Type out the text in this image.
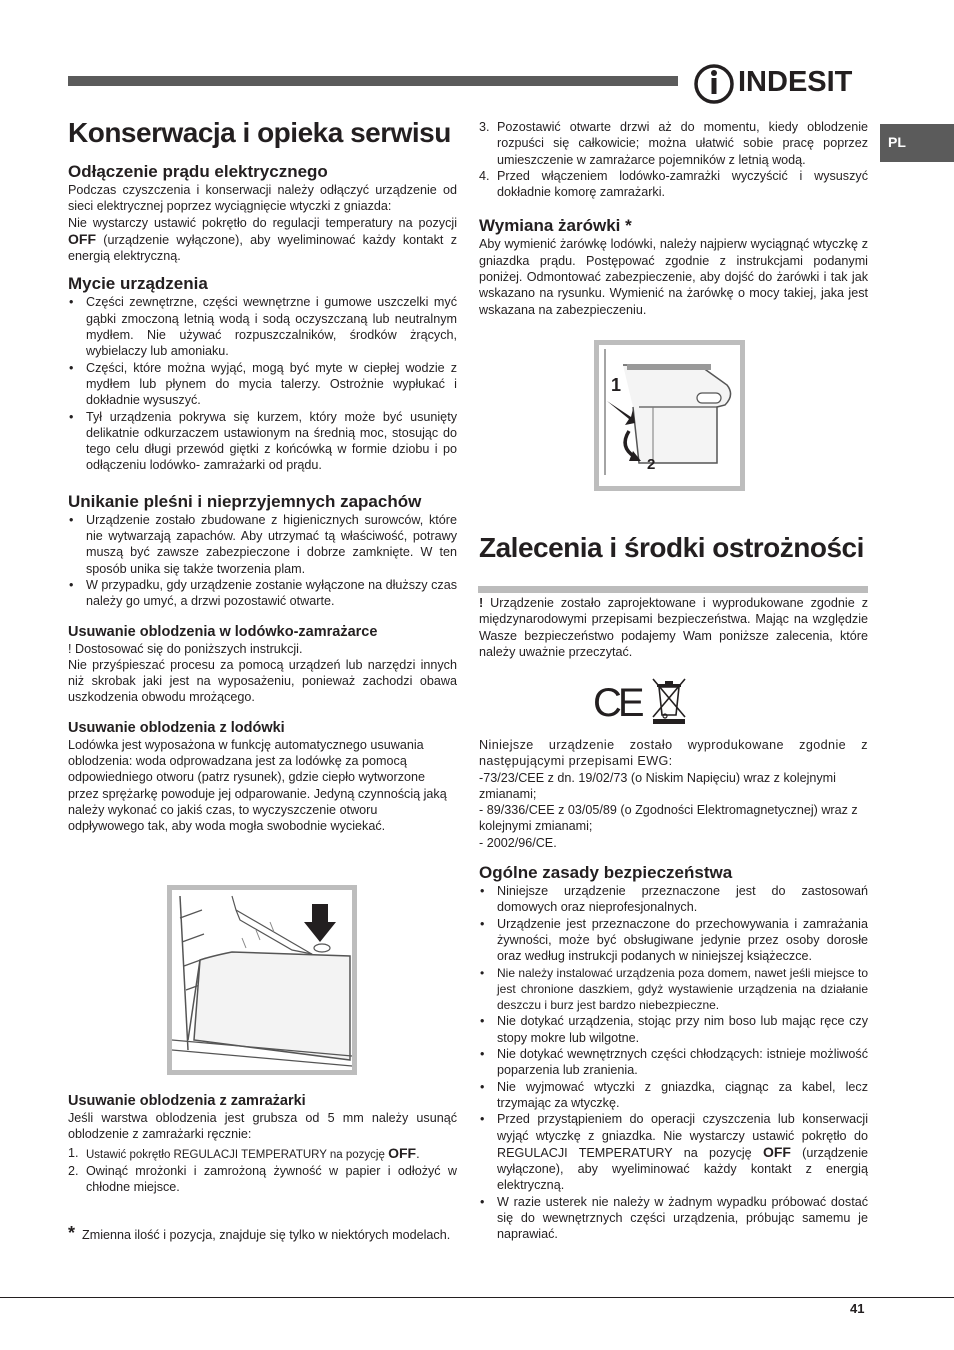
INDESIT
PL
Konserwacja i opieka serwisu
Odłączenie prądu elektrycznego

Podczas czyszczenia i konserwacji należy odłączyć urządzenie od sieci elektrycznej poprzez wyciągnięcie wtyczki z gniazda:

Nie wystarczy ustawić pokrętło do regulacji temperatury na pozycji OFF (urządzenie wyłączone), aby wyeliminować każdy kontakt z energią elektryczną.

Mycie urządzenia
• Części zewnętrzne, części wewnętrzne i gumowe uszczelki myć gąbki zmoczoną letnią wodą i sodą oczyszczaną lub neutralnym mydłem. Nie używać rozpuszczalników, środków żrących, wybielaczy lub amoniaku.
• Części, które można wyjąć, mogą być myte w ciepłej wodzie z mydłem lub płynem do mycia talerzy. Ostrożnie wypłukać i dokładnie wysuszyć.
• Tył urządzenia pokrywa się kurzem, który może być usunięty delikatnie odkurzaczem ustawionym na średnią moc, stosując do tego celu długi przewód giętki z końcówką w formie dziobu i po odłączeniu lodówko- zamrażarki od prądu.
Unikanie pleśni i nieprzyjemnych zapachów
• Urządzenie zostało zbudowane z higienicznych surowców, które nie wytwarzają zapachów. Aby utrzymać tą właściwość, potrawy muszą być zawsze zabezpieczone i dobrze zamknięte. W ten sposób unika się także tworzenia plam.
• W przypadku, gdy urządzenie zostanie wyłączone na dłuższy czas należy go umyć, a drzwi pozostawić otwarte.
Usuwanie oblodzenia w lodówko-zamrażarce

! Dostosować się do poniższych instrukcji.

Nie przyśpieszać procesu za pomocą urządzeń lub narzędzi innych niż skrobak jaki jest na wyposażeniu, ponieważ zachodzi obawa uszkodzenia obwodu mrożącego.

Usuwanie oblodzenia z lodówki

Lodówka jest wyposażona w funkcję automatycznego usuwania oblodzenia: woda odprowadzana jest za lodówkę za pomocą odpowiedniego otworu (patrz rysunek), gdzie ciepło wytworzone przez sprężarkę powoduje jej odparowanie. Jedyną czynnością jaką należy wykonać co jakiś czas, to wyczyszczenie otworu odpływowego tak, aby woda mogła swobodnie wyciekać.

Usuwanie oblodzenia z zamrażarki
Jeśli warstwa oblodzenia jest grubsza od 5 mm należy usunąć oblodzenie z zamrażarki ręcznie:
1. Ustawić pokrętło REGULACJI TEMPERATURY na pozycję OFF.
2. Owinąć mrożonki i zamrożoną żywność w papier i odłożyć w chłodne miejsce.

* Zmienna ilość i pozycja, znajduje się tylko w niektórych modelach.

3. Pozostawić otwarte drzwi aż do momentu, kiedy oblodzenie rozpuści się całkowicie; można ułatwić sobie pracę poprzez umieszczenie w zamrażarce pojemników z letnią wodą.
4. Przed włączeniem lodówko-zamrażki wyczyścić i wysuszyć dokładnie komorę zamrażarki.
Wymiana żarówki *

Aby wymienić żarówkę lodówki, należy najpierw wyciągnąć wtyczkę z gniazdka prądu. Postępować zgodnie z instrukcjami podanymi poniżej. Odmontować zabezpieczenie, aby dojść do żarówki i tak jak wskazano na rysunku. Wymienić na żarówkę o mocy takiej, jaka jest wskazana na zabezpieczeniu.

1
2
Zalecenia i środki ostrożności

! Urządzenie zostało zaprojektowane i wyprodukowane zgodnie z międzynarodowymi przepisami bezpieczeństwa. Mając na względzie Wasze bezpieczeństwo podajemy Wam poniższe zalecenia, które należy uważnie przeczytać.

CE

Niniejsze urządzenie zostało wyprodukowane zgodnie z następującymi przepisami EWG:

-73/23/CEE z dn. 19/02/73 (o Niskim Napięciu) wraz z kolejnymi zmianami;

- 89/336/CEE z 03/05/89 (o Zgodności Elektromagnetycznej) wraz z kolejnymi zmianami;

- 2002/96/CE.

Ogólne zasady bezpieczeństwa
• Niniejsze urządzenie przeznaczone jest do zastosowań domowych oraz nieprofesjonalnych.
• Urządzenie jest przeznaczone do przechowywania i zamrażania żywności, może być obsługiwane jedynie przez osoby dorosłe oraz według instrukcji podanych w niniejszej książeczce.
• Nie należy instalować urządzenia poza domem, nawet jeśli miejsce to jest chronione daszkiem, gdyż wystawienie urządzenia na działanie deszczu i burz jest bardzo niebezpieczne.
• Nie dotykać urządzenia, stojąc przy nim boso lub mając ręce czy stopy mokre lub wilgotne.
• Nie dotykać wewnętrznych części chłodzących: istnieje możliwość poparzenia lub zranienia.
• Nie wyjmować wtyczki z gniazdka, ciągnąc za kabel, lecz trzymając za wtyczkę.
• Przed przystąpieniem do operacji czyszczenia lub konserwacji wyjąć wtyczkę z gniazdka. Nie wystarczy ustawić pokrętło do REGULACJI TEMPERATURY na pozycję OFF (urządzenie wyłączone), aby wyeliminować każdy kontakt z energią elektryczną.
• W razie usterek nie należy w żadnym wypadku próbować dostać się do wewnętrznych części urządzenia, próbując samemu je naprawiać.
41
